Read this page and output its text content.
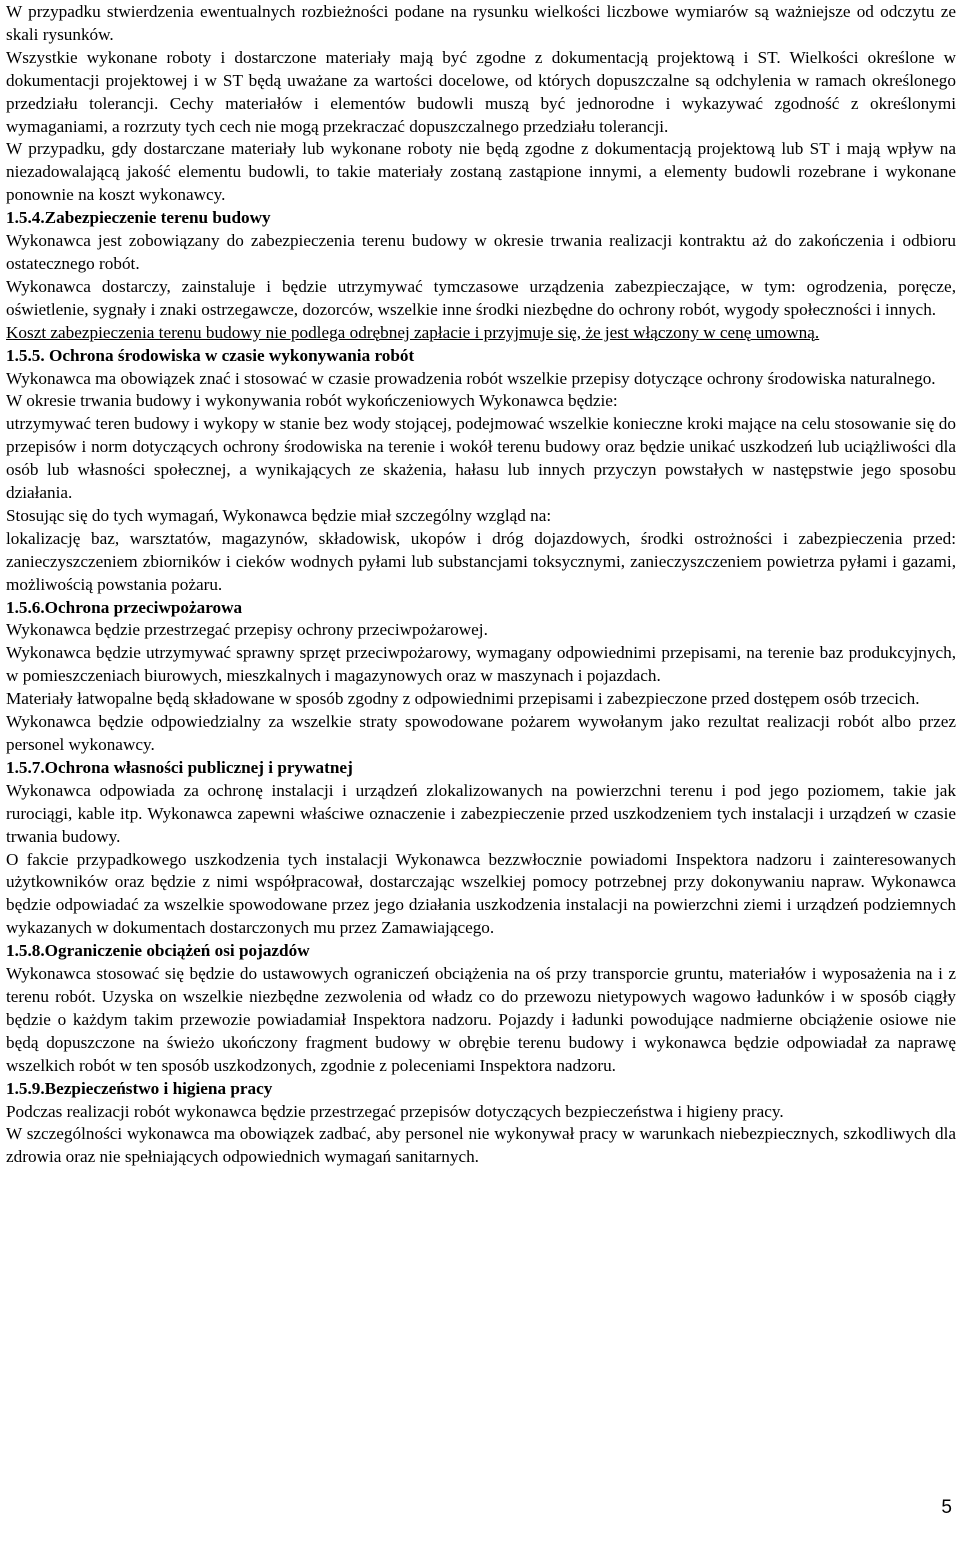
W przypadku stwierdzenia ewentualnych rozbieżności podane na rysunku wielkości liczbowe wymiarów są ważniejsze od odczytu ze skali rysunków.

Wszystkie wykonane roboty i dostarczone materiały mają być zgodne z dokumentacją projektową i ST. Wielkości określone w dokumentacji projektowej i w ST będą uważane za wartości docelowe, od których dopuszczalne są odchylenia w ramach określonego przedziału tolerancji. Cechy materiałów i elementów budowli muszą być jednorodne i wykazywać zgodność z określonymi wymaganiami, a rozrzuty tych cech nie mogą przekraczać dopuszczalnego przedziału tolerancji.

W przypadku, gdy dostarczane materiały lub wykonane roboty nie będą zgodne z dokumentacją projektową lub ST i mają wpływ na niezadowalającą jakość elementu budowli, to takie materiały zostaną zastąpione innymi, a elementy budowli rozebrane i wykonane ponownie na koszt wykonawcy.

1.5.4.Zabezpieczenie terenu budowy

Wykonawca jest zobowiązany do zabezpieczenia terenu budowy w okresie trwania realizacji kontraktu aż do zakończenia i odbioru ostatecznego robót.

Wykonawca dostarczy, zainstaluje i będzie utrzymywać tymczasowe urządzenia zabezpieczające, w tym: ogrodzenia, poręcze, oświetlenie, sygnały i znaki ostrzegawcze, dozorców, wszelkie inne środki niezbędne do ochrony robót, wygody społeczności i innych.

Koszt zabezpieczenia terenu budowy nie podlega odrębnej zapłacie i przyjmuje się, że jest włączony w cenę umowną.

1.5.5. Ochrona środowiska w czasie wykonywania robót

Wykonawca ma obowiązek znać i stosować w czasie prowadzenia robót wszelkie przepisy dotyczące ochrony środowiska naturalnego.

W okresie trwania budowy i wykonywania robót wykończeniowych Wykonawca będzie:

utrzymywać teren budowy i wykopy w stanie bez wody stojącej, podejmować wszelkie konieczne kroki mające na celu stosowanie się do przepisów i norm dotyczących ochrony środowiska na terenie i wokół terenu budowy oraz będzie unikać uszkodzeń lub uciążliwości dla osób lub własności społecznej, a wynikających ze skażenia, hałasu lub innych przyczyn powstałych w następstwie jego sposobu działania.

Stosując się do tych wymagań, Wykonawca będzie miał szczególny wzgląd na:

lokalizację baz, warsztatów, magazynów, składowisk, ukopów i dróg dojazdowych, środki ostrożności i zabezpieczenia przed: zanieczyszczeniem zbiorników i cieków wodnych pyłami lub substancjami toksycznymi, zanieczyszczeniem powietrza pyłami i gazami, możliwością powstania pożaru.

1.5.6.Ochrona przeciwpożarowa

Wykonawca będzie przestrzegać przepisy ochrony przeciwpożarowej.

Wykonawca będzie utrzymywać sprawny sprzęt przeciwpożarowy, wymagany odpowiednimi przepisami, na terenie baz produkcyjnych, w pomieszczeniach biurowych, mieszkalnych i magazynowych oraz w maszynach i pojazdach.

Materiały łatwopalne będą składowane w sposób zgodny z odpowiednimi przepisami i zabezpieczone przed dostępem osób trzecich.

Wykonawca będzie odpowiedzialny za wszelkie straty spowodowane pożarem wywołanym jako rezultat realizacji robót albo przez personel wykonawcy.

1.5.7.Ochrona własności publicznej i prywatnej

Wykonawca odpowiada za ochronę instalacji i urządzeń zlokalizowanych na powierzchni terenu i pod jego poziomem, takie jak rurociągi, kable itp. Wykonawca zapewni właściwe oznaczenie i zabezpieczenie przed uszkodzeniem tych instalacji i urządzeń w czasie trwania budowy.

O fakcie przypadkowego uszkodzenia tych instalacji Wykonawca bezzwłocznie powiadomi Inspektora nadzoru i zainteresowanych użytkowników oraz będzie z nimi współpracował, dostarczając wszelkiej pomocy potrzebnej przy dokonywaniu napraw. Wykonawca będzie odpowiadać za wszelkie spowodowane przez jego działania uszkodzenia instalacji na powierzchni ziemi i urządzeń podziemnych wykazanych w dokumentach dostarczonych mu przez Zamawiającego.

1.5.8.Ograniczenie obciążeń osi pojazdów

Wykonawca stosować się będzie do ustawowych ograniczeń obciążenia na oś przy transporcie gruntu, materiałów i wyposażenia na i z terenu robót. Uzyska on wszelkie niezbędne zezwolenia od władz co do przewozu nietypowych wagowo ładunków i w sposób ciągły będzie o każdym takim przewozie powiadamiał Inspektora nadzoru. Pojazdy i ładunki powodujące nadmierne obciążenie osiowe nie będą dopuszczone na świeżo ukończony fragment budowy w obrębie terenu budowy i wykonawca będzie odpowiadał za naprawę wszelkich robót w ten sposób uszkodzonych, zgodnie z poleceniami Inspektora nadzoru.

1.5.9.Bezpieczeństwo i higiena pracy

Podczas realizacji robót wykonawca będzie przestrzegać przepisów dotyczących bezpieczeństwa i higieny pracy.

W szczególności wykonawca ma obowiązek zadbać, aby personel nie wykonywał pracy w warunkach niebezpiecznych, szkodliwych dla zdrowia oraz nie spełniających odpowiednich wymagań sanitarnych.

5
